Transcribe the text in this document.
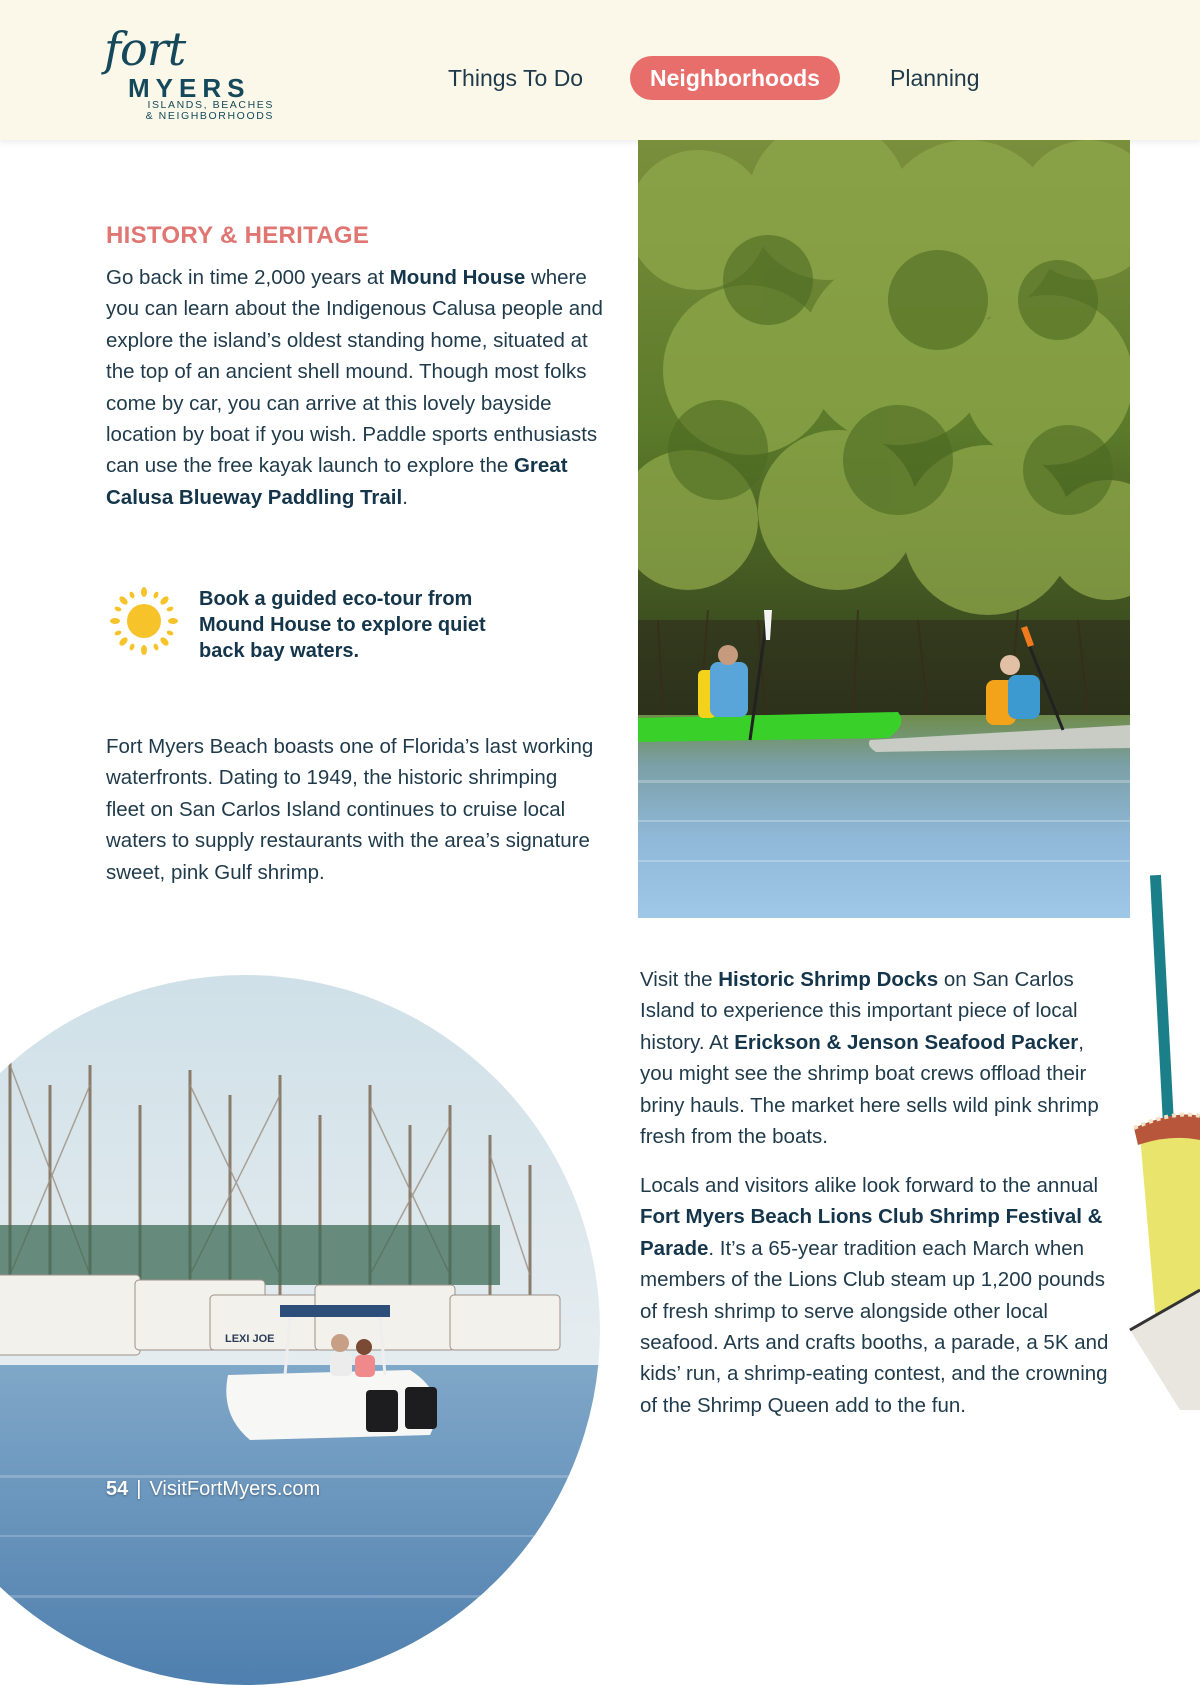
fort
MYERS
ISLANDS, BEACHES
& NEIGHBORHOODS
Things To Do	Neighborhoods	Planning
HISTORY & HERITAGE
Go back in time 2,000 years at Mound House where you can learn about the Indigenous Calusa people and explore the island’s oldest standing home, situated at the top of an ancient shell mound. Though most folks come by car, you can arrive at this lovely bayside location by boat if you wish. Paddle sports enthusiasts can use the free kayak launch to explore the Great Calusa Blueway Paddling Trail.
Book a guided eco-tour from Mound House to explore quiet back bay waters.
Fort Myers Beach boasts one of Florida’s last working waterfronts. Dating to 1949, the historic shrimping fleet on San Carlos Island continues to cruise local waters to supply restaurants with the area’s signature sweet, pink Gulf shrimp.
Visit the Historic Shrimp Docks on San Carlos Island to experience this important piece of local history. At Erickson & Jenson Seafood Packer, you might see the shrimp boat crews offload their briny hauls. The market here sells wild pink shrimp fresh from the boats.
Locals and visitors alike look forward to the annual Fort Myers Beach Lions Club Shrimp Festival & Parade. It’s a 65-year tradition each March when members of the Lions Club steam up 1,200 pounds of fresh shrimp to serve alongside other local seafood. Arts and crafts booths, a parade, a 5K and kids’ run, a shrimp-eating contest, and the crowning of the Shrimp Queen add to the fun.
LEXI JOE
54 | VisitFortMyers.com
